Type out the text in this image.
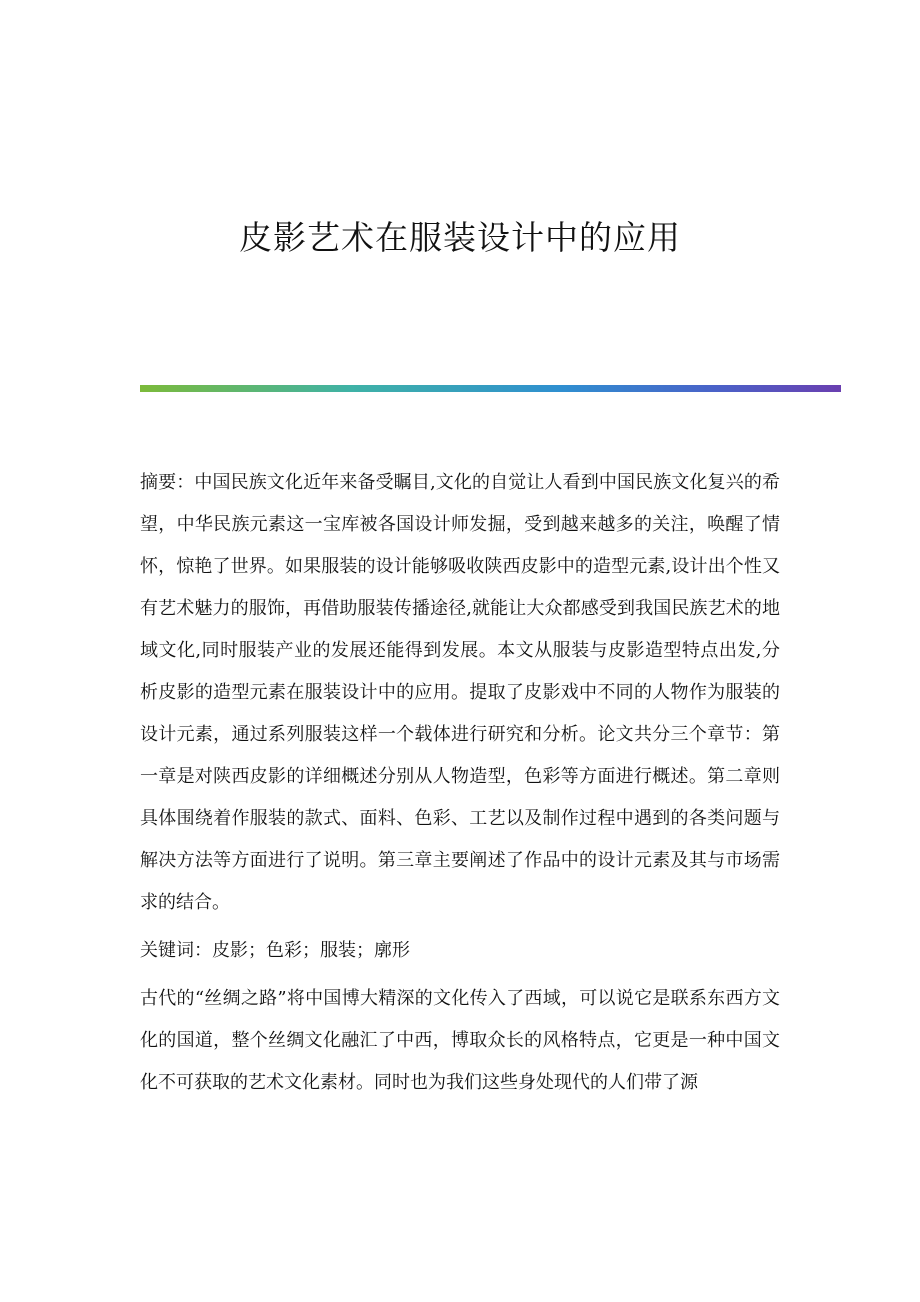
皮影艺术在服装设计中的应用

摘要：中国民族文化近年来备受瞩目,文化的自觉让人看到中国民族文化复兴的希望，中华民族元素这一宝库被各国设计师发掘，受到越来越多的关注，唤醒了情怀，惊艳了世界。如果服装的设计能够吸收陕西皮影中的造型元素,设计出个性又有艺术魅力的服饰，再借助服装传播途径,就能让大众都感受到我国民族艺术的地域文化,同时服装产业的发展还能得到发展。本文从服装与皮影造型特点出发,分析皮影的造型元素在服装设计中的应用。提取了皮影戏中不同的人物作为服装的设计元素，通过系列服装这样一个载体进行研究和分析。论文共分三个章节：第一章是对陕西皮影的详细概述分别从人物造型，色彩等方面进行概述。第二章则具体围绕着作服装的款式、面料、色彩、工艺以及制作过程中遇到的各类问题与解决方法等方面进行了说明。第三章主要阐述了作品中的设计元素及其与市场需求的结合。

关键词：皮影；色彩；服装；廓形

古代的“丝绸之路”将中国博大精深的文化传入了西域，可以说它是联系东西方文化的国道，整个丝绸文化融汇了中西，博取众长的风格特点，它更是一种中国文化不可获取的艺术文化素材。同时也为我们这些身处现代的人们带了源
